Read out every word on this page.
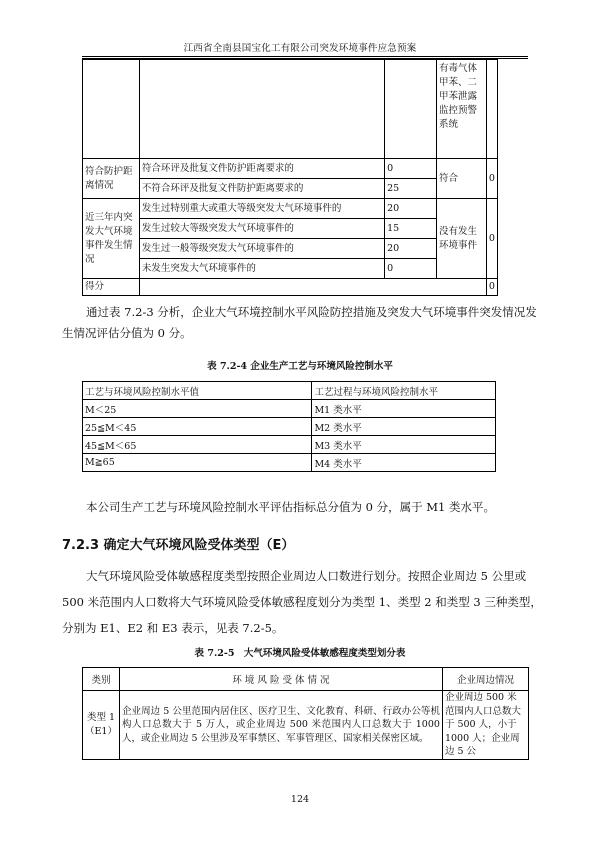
江西省全南县国宝化工有限公司突发环境事件应急预案
			有毒气体甲苯、二甲苯泄露监控预警系统	
符合防护距离情况	符合环评及批复文件防护距离要求的	0	符合	0
	不符合环评及批复文件防护距离要求的	25		
近三年内突发大气环境事件发生情况	发生过特别重大或重大等级突发大气环境事件的	20	没有发生环境事件	0
	发生过较大等级突发大气环境事件的	15		
	发生过一般等级突发大气环境事件的	20		
	未发生突发大气环境事件的	0		
得分				0
通过表 7.2-3 分析，企业大气环境控制水平风险防控措施及突发大气环境事件突发情况发生情况评估分值为 0 分。
表 7.2-4 企业生产工艺与环境风险控制水平
工艺与环境风险控制水平值	工艺过程与环境风险控制水平
M＜25	M1 类水平
25≦M＜45	M2 类水平
45≦M＜65	M3 类水平
M≧65	M4 类水平
本公司生产工艺与环境风险控制水平评估指标总分值为 0 分，属于 M1 类水平。
7.2.3 确定大气环境风险受体类型（E）
大气环境风险受体敏感程度类型按照企业周边人口数进行划分。按照企业周边 5 公里或
500 米范围内人口数将大气环境风险受体敏感程度划分为类型 1、类型 2 和类型 3 三种类型，
分别为 E1、E2 和 E3 表示，见表 7.2-5。
表 7.2-5　大气环境风险受体敏感程度类型划分表
类别	环 境 风 险 受 体 情 况	企业周边情况
类型 1（E1）	企业周边 5 公里范围内居住区、医疗卫生、文化教育、科研、行政办公等机构人口总数大于 5 万人，或企业周边 500 米范围内人口总数大于 1000 人，或企业周边 5 公里涉及军事禁区、军事管理区、国家相关保密区域。	企业周边 500 米范围内人口总数大于 500 人，小于 1000 人；企业周边 5 公
124
